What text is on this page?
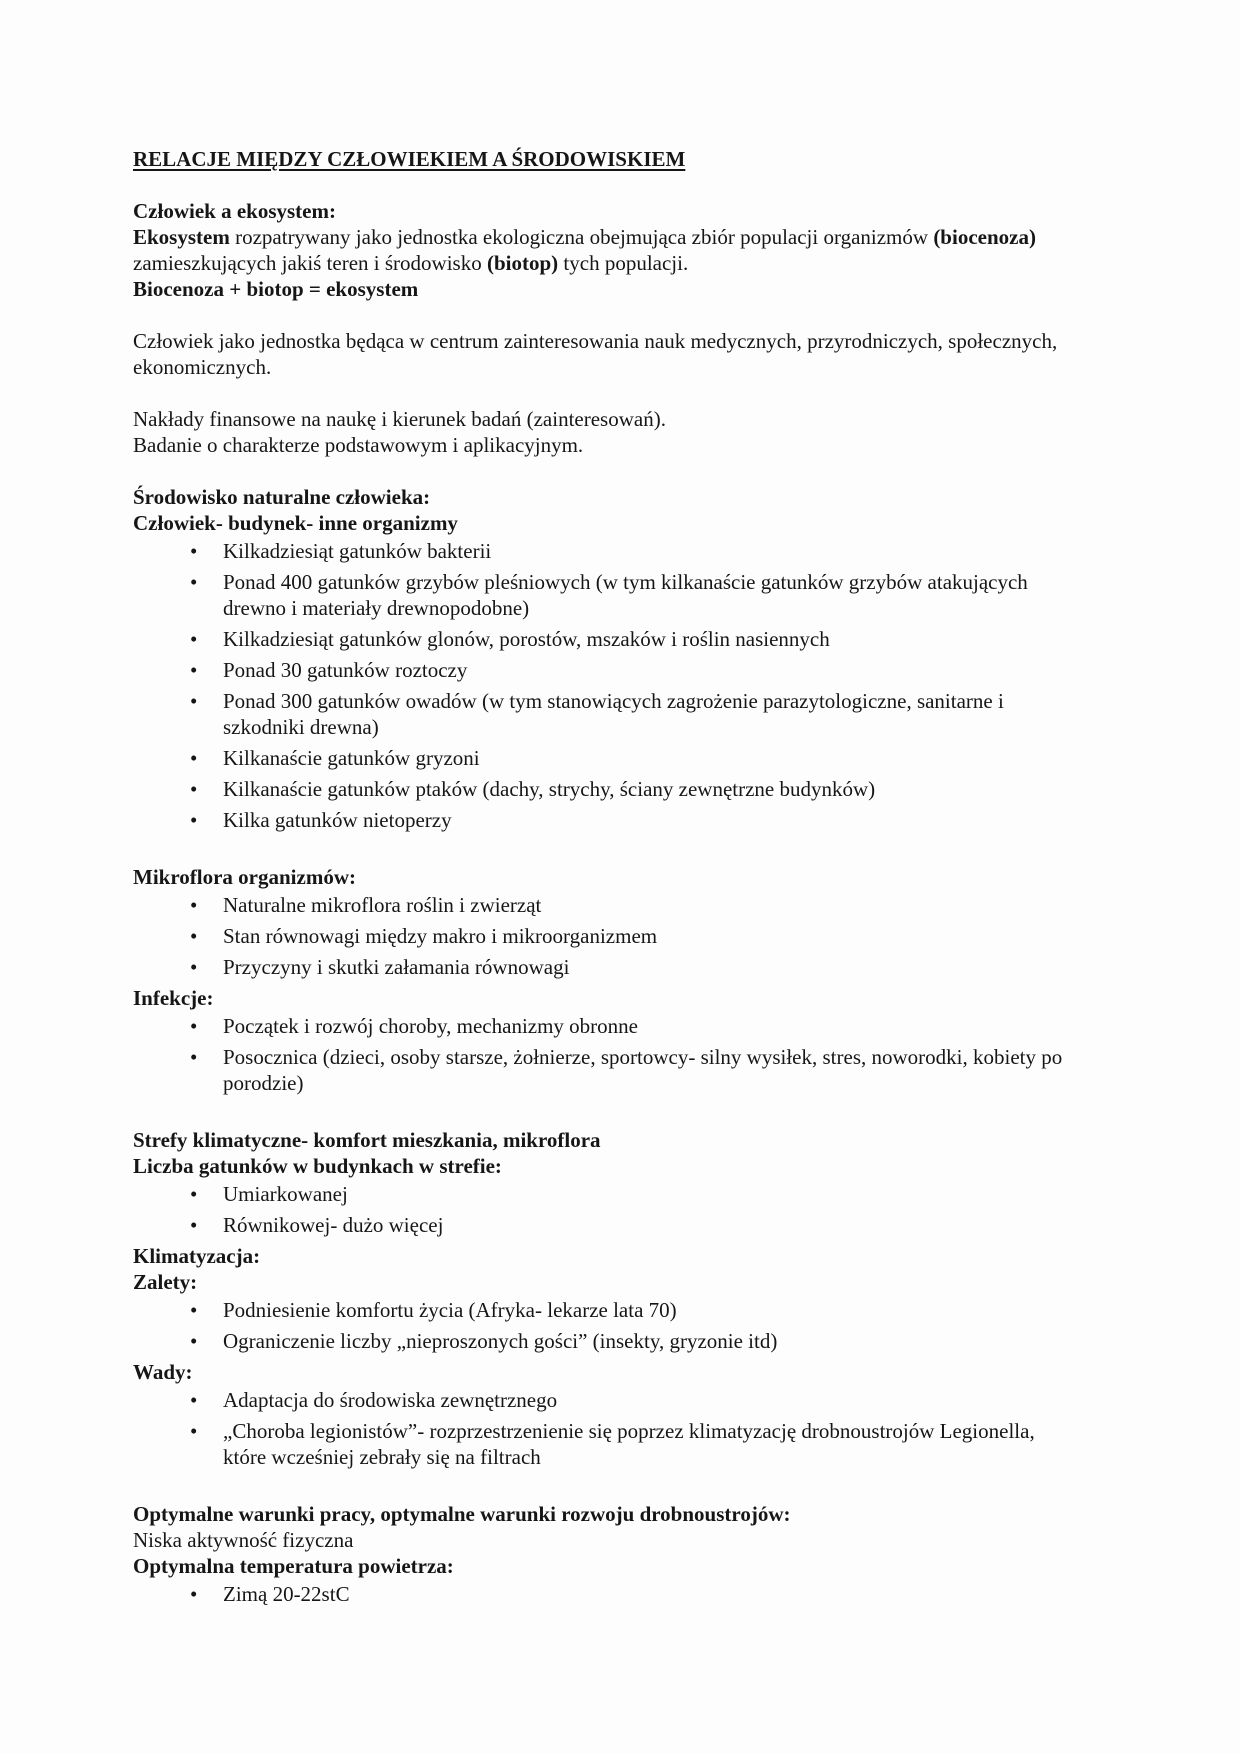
RELACJE MIĘDZY CZŁOWIEKIEM A ŚRODOWISKIEM
Człowiek a ekosystem:
Ekosystem rozpatrywany jako jednostka ekologiczna obejmująca zbiór populacji organizmów (biocenoza) zamieszkujących jakiś teren i środowisko (biotop) tych populacji.
Biocenoza + biotop = ekosystem
Człowiek jako jednostka będąca w centrum zainteresowania nauk medycznych, przyrodniczych, społecznych, ekonomicznych.
Nakłady finansowe na naukę i kierunek badań (zainteresowań).
Badanie o charakterze podstawowym i aplikacyjnym.
Środowisko naturalne człowieka:
Człowiek- budynek- inne organizmy
•	Kilkadziesiąt gatunków bakterii
•	Ponad 400 gatunków grzybów pleśniowych (w tym kilkanaście gatunków grzybów atakujących drewno i materiały drewnopodobne)
•	Kilkadziesiąt gatunków glonów, porostów, mszaków i roślin nasiennych
•	Ponad 30 gatunków roztoczy
•	Ponad 300 gatunków owadów (w tym stanowiących zagrożenie parazytologiczne, sanitarne i szkodniki drewna)
•	Kilkanaście gatunków gryzoni
•	Kilkanaście gatunków ptaków (dachy, strychy, ściany zewnętrzne budynków)
•	Kilka gatunków nietoperzy
Mikroflora organizmów:
•	Naturalne mikroflora roślin i zwierząt
•	Stan równowagi między makro i mikroorganizmem
•	Przyczyny i skutki załamania równowagi
Infekcje:
•	Początek i rozwój choroby, mechanizmy obronne
•	Posocznica (dzieci, osoby starsze, żołnierze, sportowcy- silny wysiłek, stres, noworodki, kobiety po porodzie)
Strefy klimatyczne- komfort mieszkania, mikroflora
Liczba gatunków w budynkach w strefie:
•	Umiarkowanej
•	Równikowej- dużo więcej
Klimatyzacja:
Zalety:
•	Podniesienie komfortu życia (Afryka- lekarze lata 70)
•	Ograniczenie liczby „nieproszonych gości” (insekty, gryzonie itd)
Wady:
•	Adaptacja do środowiska zewnętrznego
•	„Choroba legionistów”- rozprzestrzenienie się poprzez klimatyzację drobnoustrojów Legionella, które wcześniej zebrały się na filtrach
Optymalne warunki pracy, optymalne warunki rozwoju drobnoustrojów:
Niska aktywność fizyczna
Optymalna temperatura powietrza:
•	Zimą 20-22stC
